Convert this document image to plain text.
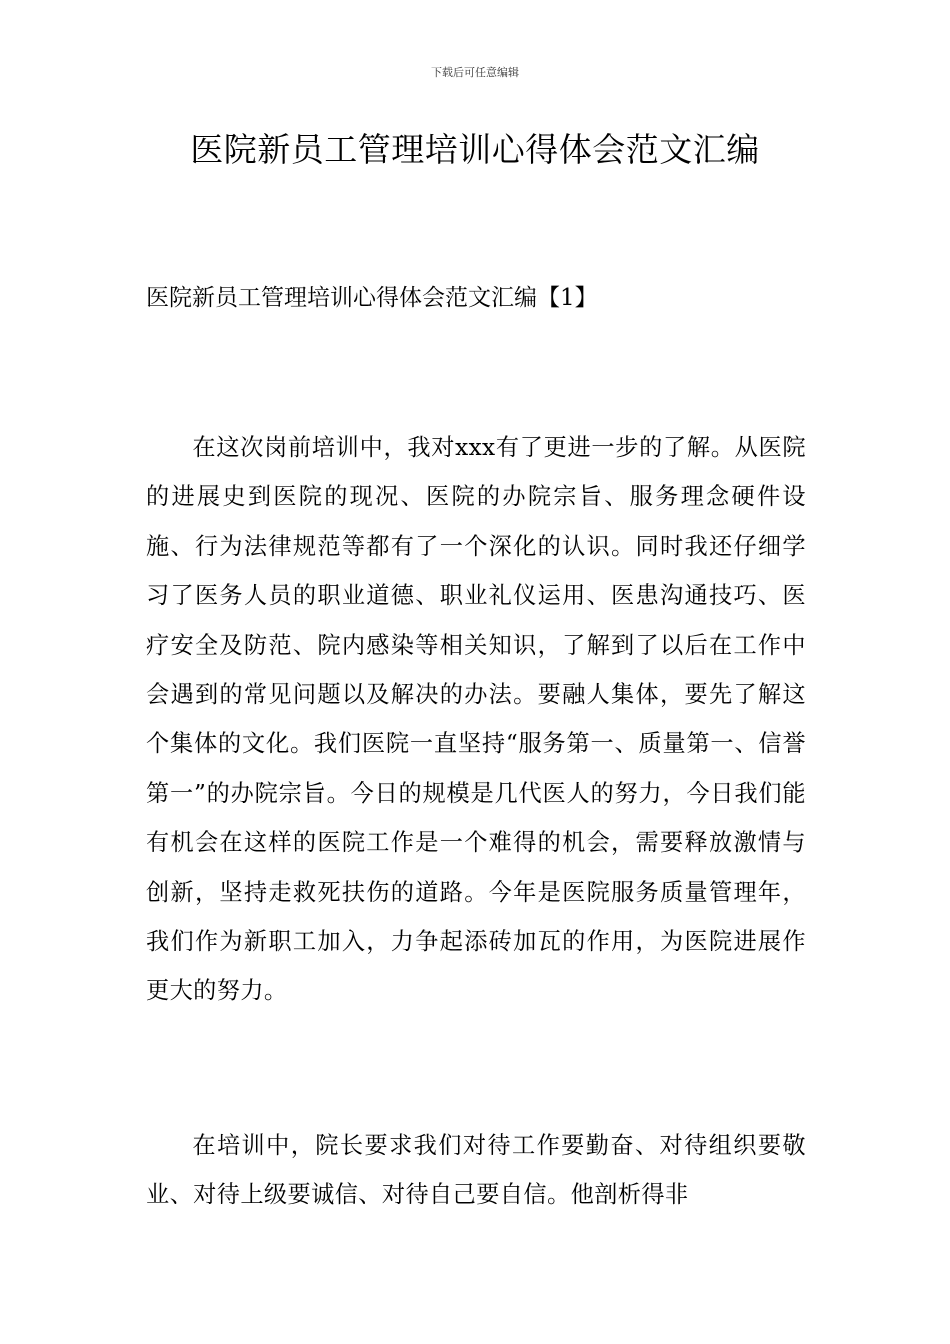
下载后可任意编辑
医院新员工管理培训心得体会范文汇编
医院新员工管理培训心得体会范文汇编【1】

在这次岗前培训中，我对xxx有了更进一步的了解。从医院的进展史到医院的现况、医院的办院宗旨、服务理念硬件设施、行为法律规范等都有了一个深化的认识。同时我还仔细学习了医务人员的职业道德、职业礼仪运用、医患沟通技巧、医疗安全及防范、院内感染等相关知识，了解到了以后在工作中会遇到的常见问题以及解决的办法。要融人集体，要先了解这个集体的文化。我们医院一直坚持“服务第一、质量第一、信誉第一”的办院宗旨。今日的规模是几代医人的努力，今日我们能有机会在这样的医院工作是一个难得的机会，需要释放激情与创新，坚持走救死扶伤的道路。今年是医院服务质量管理年，我们作为新职工加入，力争起添砖加瓦的作用，为医院进展作更大的努力。

在培训中，院长要求我们对待工作要勤奋、对待组织要敬业、对待上级要诚信、对待自己要自信。他剖析得非
